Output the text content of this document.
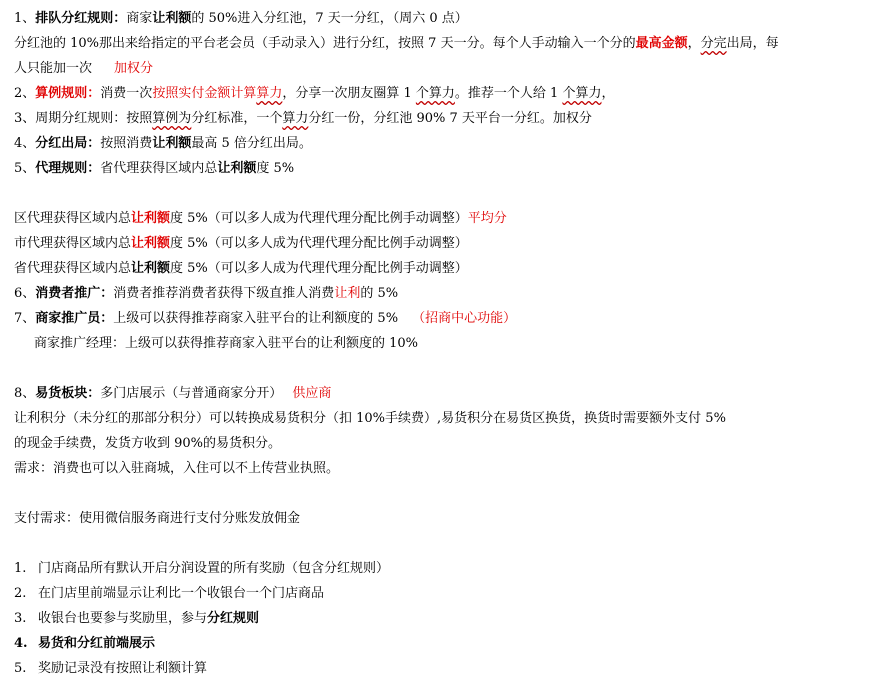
1、排队分红规则：商家让利额的 50%进入分红池，7 天一分红，（周六 0 点）
分红池的 10%那出来给指定的平台老会员（手动录入）进行分红，按照 7 天一分。每个人手动输入一个分的最高金额，分完出局，每
人只能加一次 加权分
2、算例规则：消费一次按照实付金额计算算力，分享一次朋友圈算 1 个算力。推荐一个人给 1 个算力，
3、周期分红规则：按照算例为分红标准，一个算力分红一份，分红池 90% 7 天平台一分红。加权分
4、分红出局：按照消费让利额最高 5 倍分红出局。
5、代理规则：省代理获得区域内总让利额度 5%
区代理获得区域内总让利额度 5%（可以多人成为代理代理分配比例手动调整）平均分
市代理获得区域内总让利额度 5%（可以多人成为代理代理分配比例手动调整）
省代理获得区域内总让利额度 5%（可以多人成为代理代理分配比例手动调整）
6、消费者推广：消费者推荐消费者获得下级直推人消费让利的 5%
7、商家推广员：上级可以获得推荐商家入驻平台的让利额度的 5% （招商中心功能）
商家推广经理：上级可以获得推荐商家入驻平台的让利额度的 10%
8、易货板块：多门店展示（与普通商家分开） 供应商
让利积分（未分红的那部分积分）可以转换成易货积分（扣 10%手续费）,易货积分在易货区换货，换货时需要额外支付 5%
的现金手续费，发货方收到 90%的易货积分。
需求：消费也可以入驻商城，入住可以不上传营业执照。
支付需求：使用微信服务商进行支付分账发放佣金
1. 门店商品所有默认开启分润设置的所有奖励（包含分红规则）
2. 在门店里前端显示让利比一个收银台一个门店商品
3. 收银台也要参与奖励里，参与分红规则
4. 易货和分红前端展示
5. 奖励记录没有按照让利额计算
